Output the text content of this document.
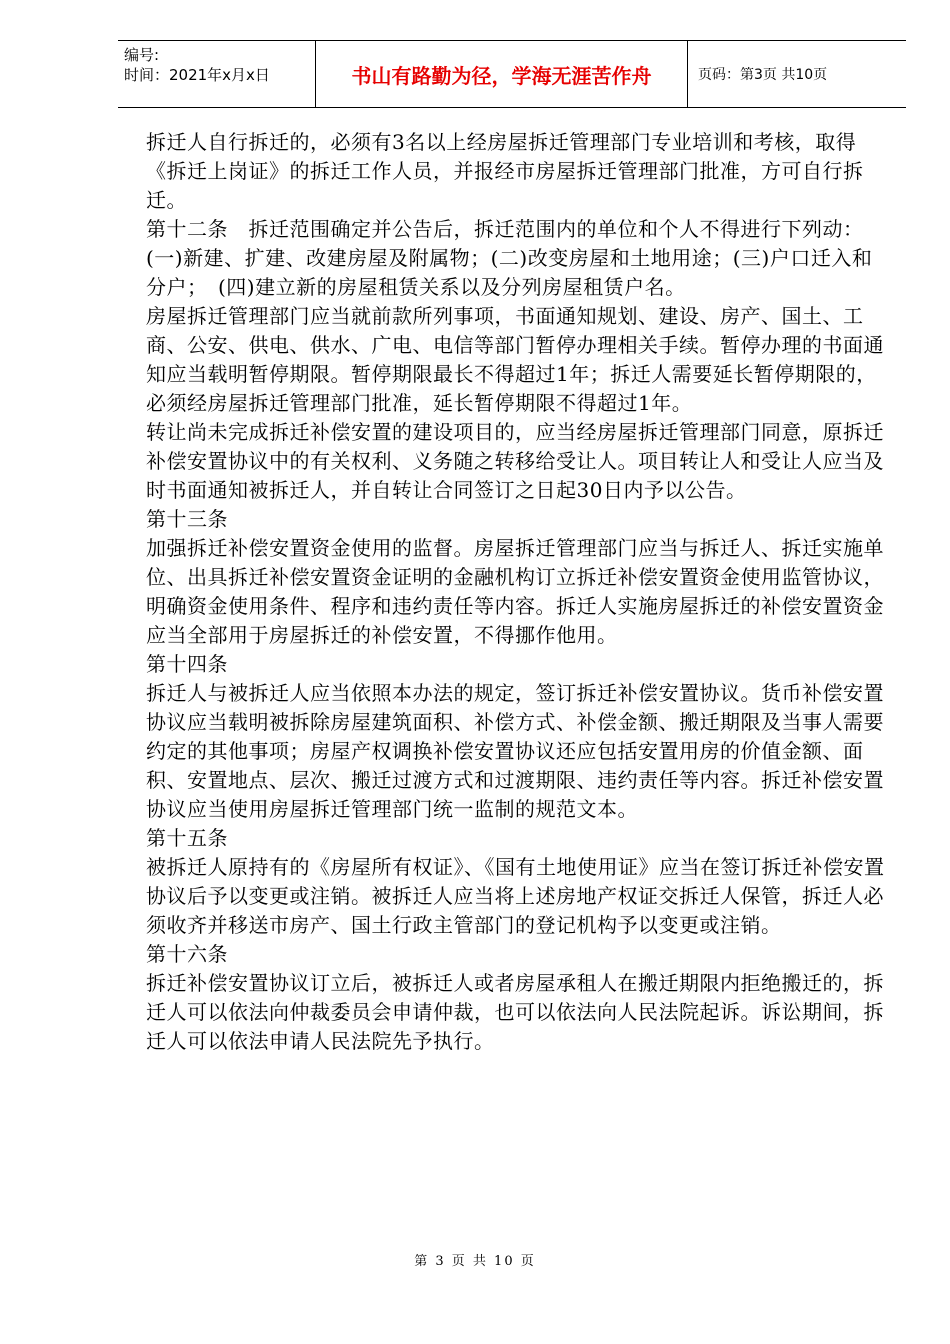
编号:
时间：2021年x月x日	书山有路勤为径，学海无涯苦作舟	页码：第3页 共10页

拆迁人自行拆迁的，必须有3名以上经房屋拆迁管理部门专业培训和考核，取得《拆迁上岗证》的拆迁工作人员，并报经市房屋拆迁管理部门批准，方可自行拆迁。

第十二条　拆迁范围确定并公告后，拆迁范围内的单位和个人不得进行下列动：(一)新建、扩建、改建房屋及附属物；(二)改变房屋和土地用途；(三)户口迁入和分户；　(四)建立新的房屋租赁关系以及分列房屋租赁户名。

房屋拆迁管理部门应当就前款所列事项，书面通知规划、建设、房产、国土、工商、公安、供电、供水、广电、电信等部门暂停办理相关手续。暂停办理的书面通知应当载明暂停期限。暂停期限最长不得超过1年；拆迁人需要延长暂停期限的，必须经房屋拆迁管理部门批准，延长暂停期限不得超过1年。

转让尚未完成拆迁补偿安置的建设项目的，应当经房屋拆迁管理部门同意，原拆迁补偿安置协议中的有关权利、义务随之转移给受让人。项目转让人和受让人应当及时书面通知被拆迁人，并自转让合同签订之日起30日内予以公告。

第十三条

加强拆迁补偿安置资金使用的监督。房屋拆迁管理部门应当与拆迁人、拆迁实施单位、出具拆迁补偿安置资金证明的金融机构订立拆迁补偿安置资金使用监管协议，明确资金使用条件、程序和违约责任等内容。拆迁人实施房屋拆迁的补偿安置资金应当全部用于房屋拆迁的补偿安置，不得挪作他用。

第十四条

拆迁人与被拆迁人应当依照本办法的规定，签订拆迁补偿安置协议。货币补偿安置协议应当载明被拆除房屋建筑面积、补偿方式、补偿金额、搬迁期限及当事人需要约定的其他事项；房屋产权调换补偿安置协议还应包括安置用房的价值金额、面积、安置地点、层次、搬迁过渡方式和过渡期限、违约责任等内容。拆迁补偿安置协议应当使用房屋拆迁管理部门统一监制的规范文本。

第十五条

被拆迁人原持有的《房屋所有权证》、《国有土地使用证》应当在签订拆迁补偿安置协议后予以变更或注销。被拆迁人应当将上述房地产权证交拆迁人保管，拆迁人必须收齐并移送市房产、国土行政主管部门的登记机构予以变更或注销。

第十六条

拆迁补偿安置协议订立后，被拆迁人或者房屋承租人在搬迁期限内拒绝搬迁的，拆迁人可以依法向仲裁委员会申请仲裁，也可以依法向人民法院起诉。诉讼期间，拆迁人可以依法申请人民法院先予执行。

第 3 页 共 10 页
